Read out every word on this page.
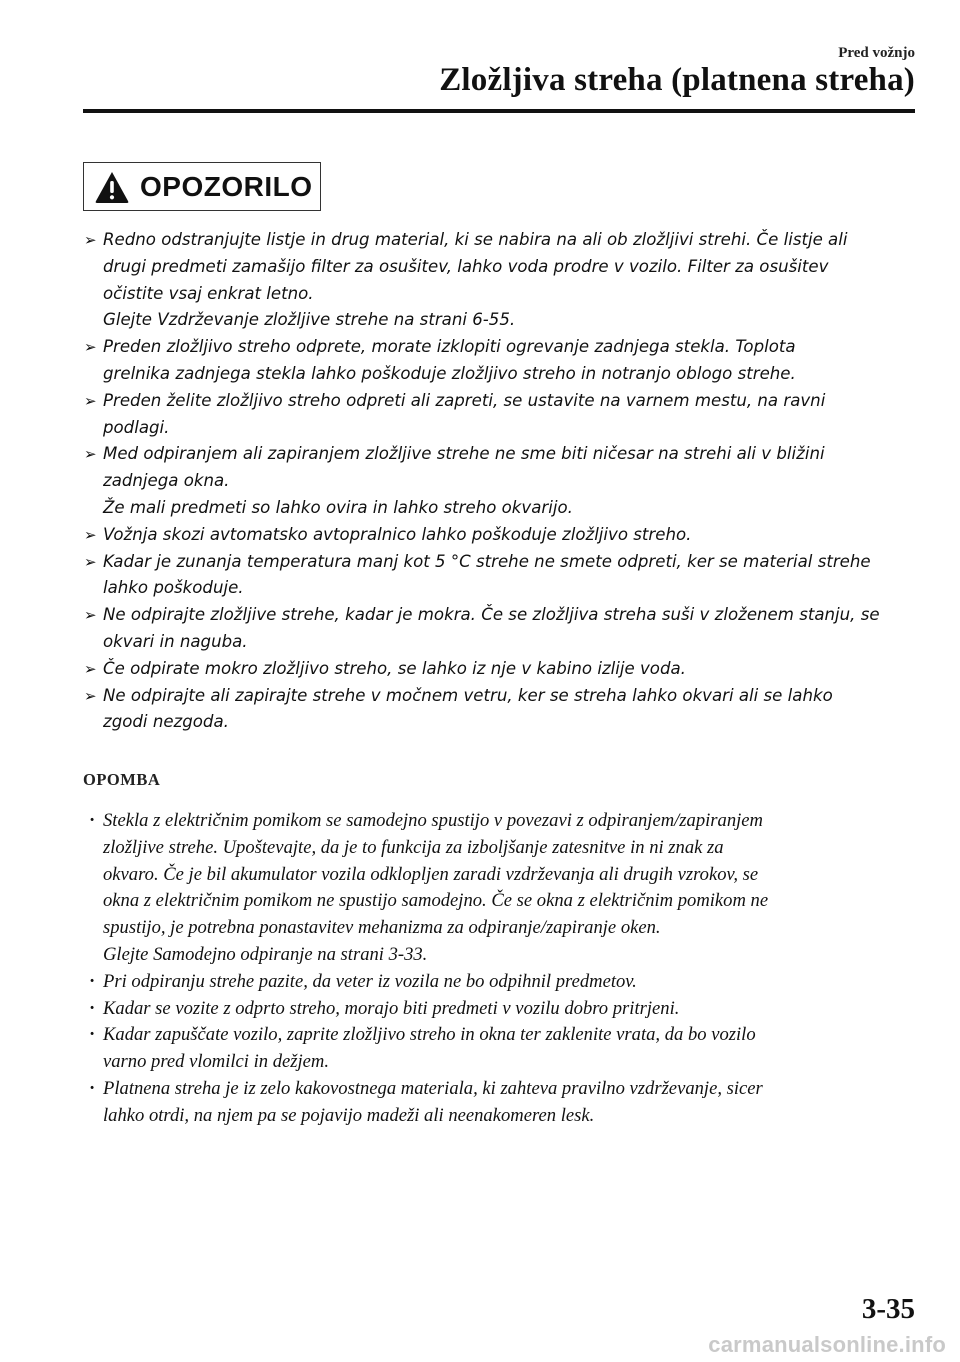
Pred vožnjo
Zložljiva streha (platnena streha)
OPOZORILO
➢ Redno odstranjujte listje in drug material, ki se nabira na ali ob zložljivi strehi. Če listje ali
drugi predmeti zamašijo filter za osušitev, lahko voda prodre v vozilo. Filter za osušitev
očistite vsaj enkrat letno.
Glejte Vzdrževanje zložljive strehe na strani 6-55.
➢ Preden zložljivo streho odprete, morate izklopiti ogrevanje zadnjega stekla. Toplota
grelnika zadnjega stekla lahko poškoduje zložljivo streho in notranjo oblogo strehe.
➢ Preden želite zložljivo streho odpreti ali zapreti, se ustavite na varnem mestu, na ravni
podlagi.
➢ Med odpiranjem ali zapiranjem zložljive strehe ne sme biti ničesar na strehi ali v bližini
zadnjega okna.
Že mali predmeti so lahko ovira in lahko streho okvarijo.
➢ Vožnja skozi avtomatsko avtopralnico lahko poškoduje zložljivo streho.
➢ Kadar je zunanja temperatura manj kot 5 °C strehe ne smete odpreti, ker se material strehe
lahko poškoduje.
➢ Ne odpirajte zložljive strehe, kadar je mokra. Če se zložljiva streha suši v zloženem stanju, se
okvari in naguba.
➢ Če odpirate mokro zložljivo streho, se lahko iz nje v kabino izlije voda.
➢ Ne odpirajte ali zapirajte strehe v močnem vetru, ker se streha lahko okvari ali se lahko
zgodi nezgoda.
OPOMBA
· Stekla z električnim pomikom se samodejno spustijo v povezavi z odpiranjem/zapiranjem
zložljive strehe. Upoštevajte, da je to funkcija za izboljšanje zatesnitve in ni znak za
okvaro. Če je bil akumulator vozila odklopljen zaradi vzdrževanja ali drugih vzrokov, se
okna z električnim pomikom ne spustijo samodejno. Če se okna z električnim pomikom ne
spustijo, je potrebna ponastavitev mehanizma za odpiranje/zapiranje oken.
Glejte Samodejno odpiranje na strani 3-33.
· Pri odpiranju strehe pazite, da veter iz vozila ne bo odpihnil predmetov.
· Kadar se vozite z odprto streho, morajo biti predmeti v vozilu dobro pritrjeni.
· Kadar zapuščate vozilo, zaprite zložljivo streho in okna ter zaklenite vrata, da bo vozilo
varno pred vlomilci in dežjem.
· Platnena streha je iz zelo kakovostnega materiala, ki zahteva pravilno vzdrževanje, sicer
lahko otrdi, na njem pa se pojavijo madeži ali neenakomeren lesk.
3-35
carmanualsonline.info
